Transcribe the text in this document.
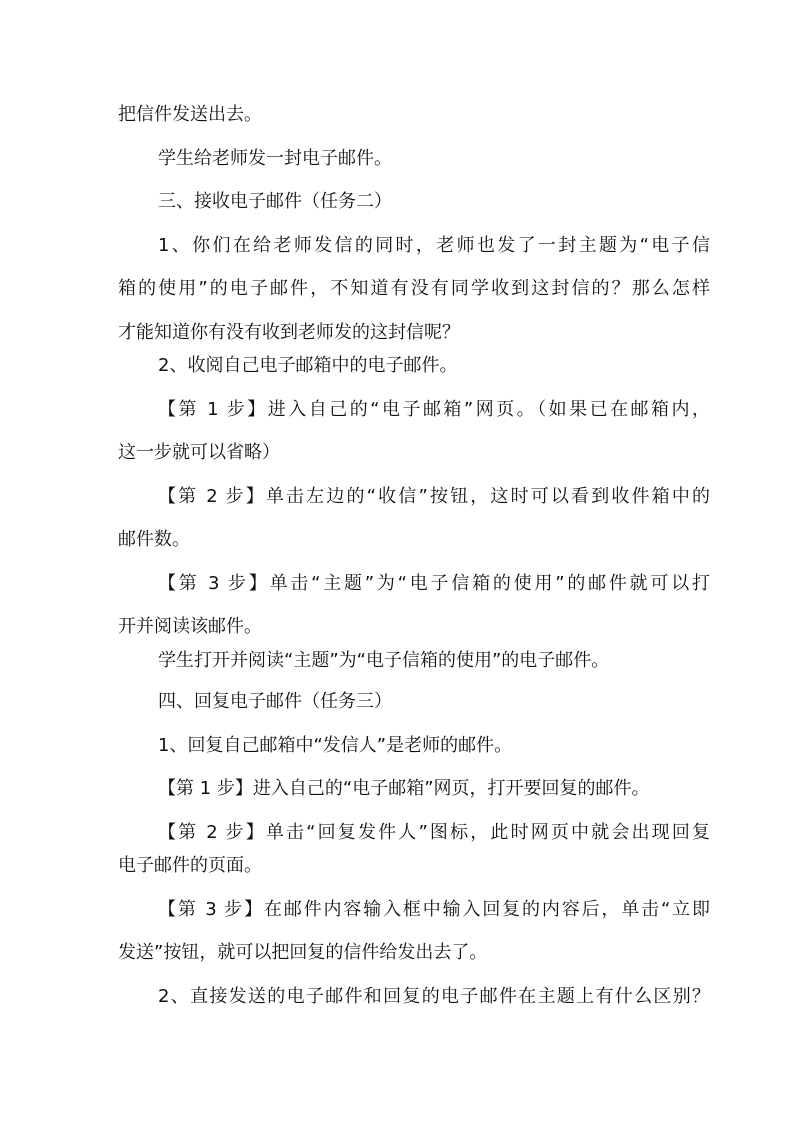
把信件发送出去。
学生给老师发一封电子邮件。
三、接收电子邮件（任务二）
1、你们在给老师发信的同时，老师也发了一封主题为“电子信
箱的使用”的电子邮件，不知道有没有同学收到这封信的？那么怎样
才能知道你有没有收到老师发的这封信呢？
2、收阅自己电子邮箱中的电子邮件。
【第 1 步】进入自己的“电子邮箱”网页。（如果已在邮箱内，
这一步就可以省略）
【第 2 步】单击左边的“收信”按钮，这时可以看到收件箱中的
邮件数。
【第 3 步】单击“主题”为“电子信箱的使用”的邮件就可以打
开并阅读该邮件。
学生打开并阅读“主题”为“电子信箱的使用”的电子邮件。
四、回复电子邮件（任务三）
1、回复自己邮箱中“发信人”是老师的邮件。
【第 1 步】进入自己的“电子邮箱”网页，打开要回复的邮件。
【第 2 步】单击“回复发件人”图标，此时网页中就会出现回复
电子邮件的页面。
【第 3 步】在邮件内容输入框中输入回复的内容后，单击“立即
发送”按钮，就可以把回复的信件给发出去了。
2、直接发送的电子邮件和回复的电子邮件在主题上有什么区别？
